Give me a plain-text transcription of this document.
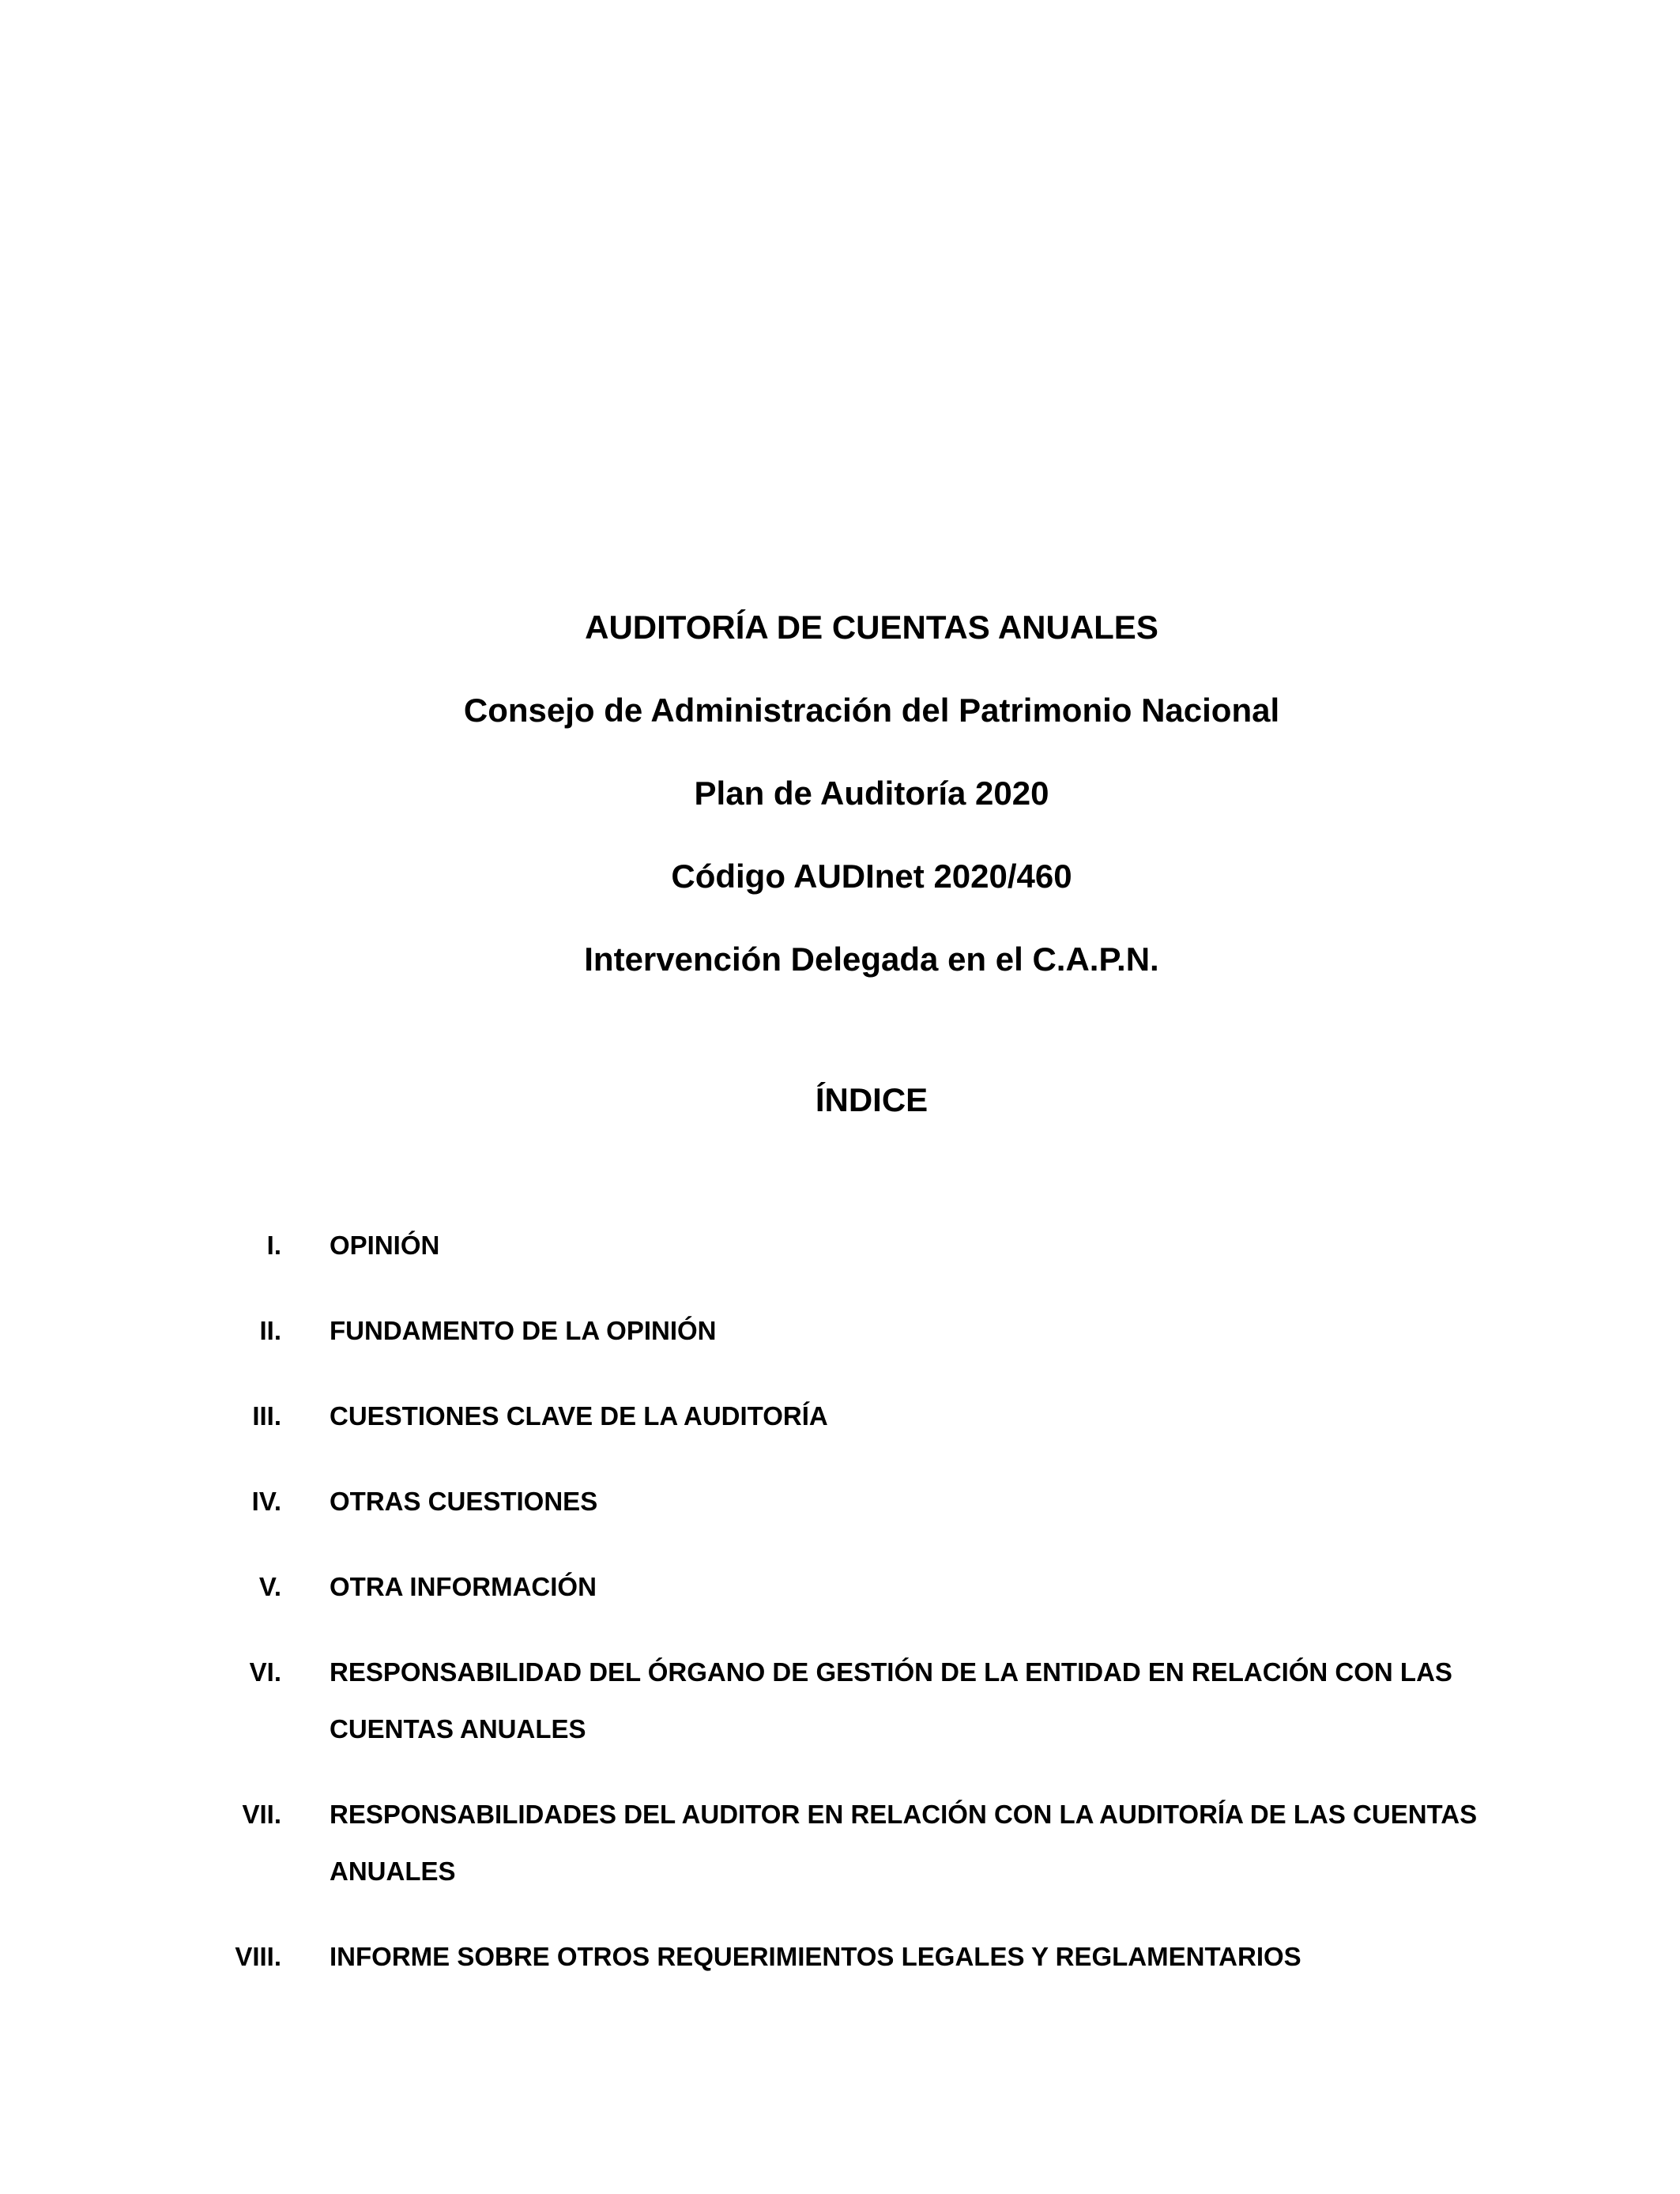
AUDITORÍA DE CUENTAS ANUALES
Consejo de Administración del Patrimonio Nacional
Plan de Auditoría 2020
Código AUDInet 2020/460
Intervención Delegada en el C.A.P.N.
ÍNDICE
I. OPINIÓN
II. FUNDAMENTO DE LA OPINIÓN
III. CUESTIONES CLAVE DE LA AUDITORÍA
IV. OTRAS CUESTIONES
V. OTRA INFORMACIÓN
VI. RESPONSABILIDAD DEL ÓRGANO DE GESTIÓN DE LA ENTIDAD EN RELACIÓN CON LAS CUENTAS ANUALES
VII. RESPONSABILIDADES DEL AUDITOR EN RELACIÓN CON LA AUDITORÍA DE LAS CUENTAS ANUALES
VIII. INFORME SOBRE OTROS REQUERIMIENTOS LEGALES Y REGLAMENTARIOS
